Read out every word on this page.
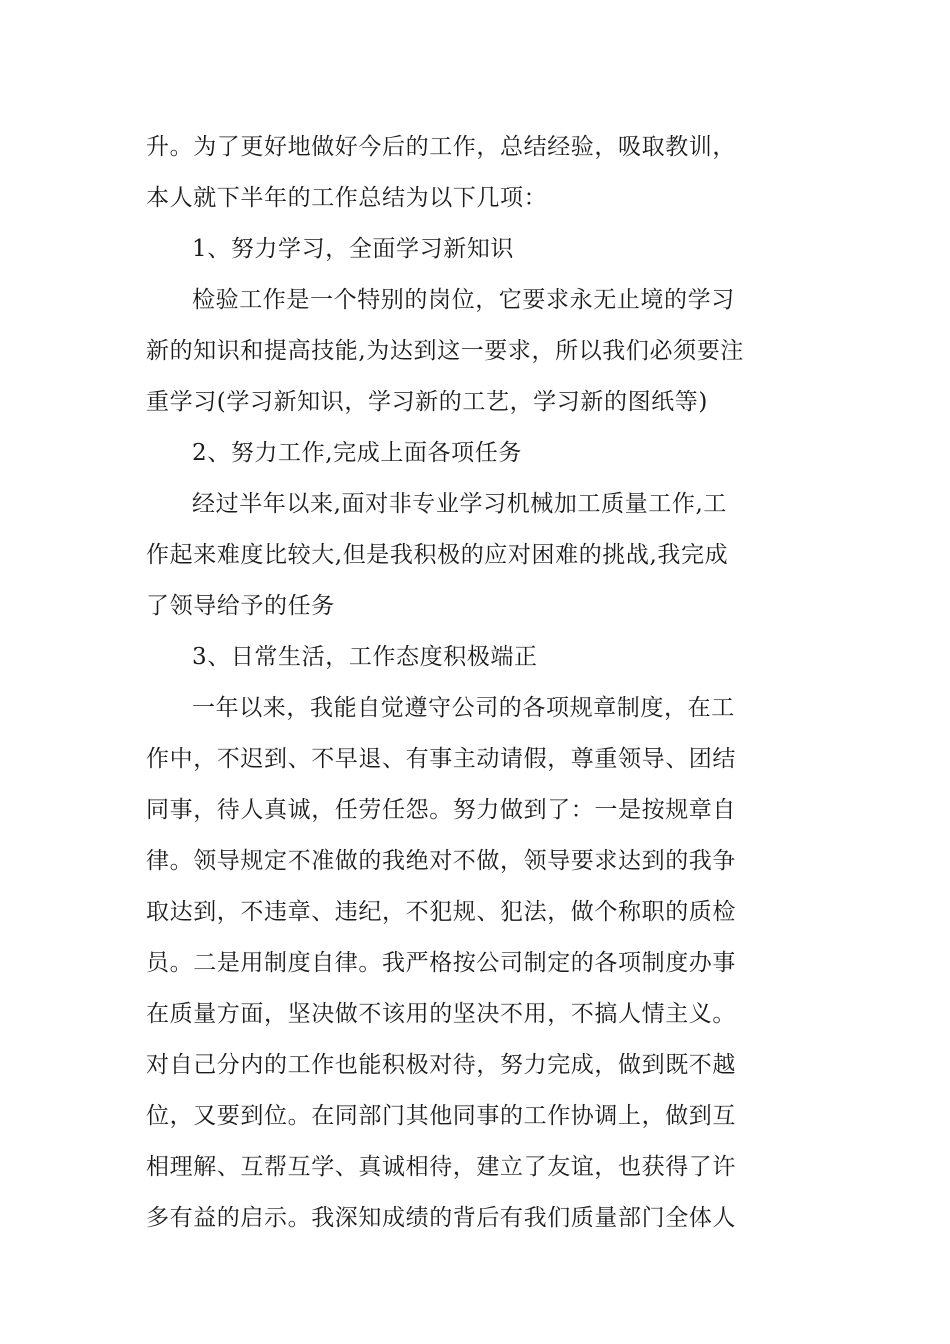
升。为了更好地做好今后的工作，总结经验，吸取教训，
本人就下半年的工作总结为以下几项：
1、努力学习，全面学习新知识
检验工作是一个特别的岗位，它要求永无止境的学习
新的知识和提高技能,为达到这一要求，所以我们必须要注
重学习(学习新知识，学习新的工艺，学习新的图纸等)
2、努力工作,完成上面各项任务
经过半年以来,面对非专业学习机械加工质量工作,工
作起来难度比较大,但是我积极的应对困难的挑战,我完成
了领导给予的任务
3、日常生活，工作态度积极端正
一年以来，我能自觉遵守公司的各项规章制度，在工
作中，不迟到、不早退、有事主动请假，尊重领导、团结
同事，待人真诚，任劳任怨。努力做到了：一是按规章自
律。领导规定不准做的我绝对不做，领导要求达到的我争
取达到，不违章、违纪，不犯规、犯法，做个称职的质检
员。二是用制度自律。我严格按公司制定的各项制度办事
在质量方面，坚决做不该用的坚决不用，不搞人情主义。
对自己分内的工作也能积极对待，努力完成，做到既不越
位，又要到位。在同部门其他同事的工作协调上，做到互
相理解、互帮互学、真诚相待，建立了友谊，也获得了许
多有益的启示。我深知成绩的背后有我们质量部门全体人
